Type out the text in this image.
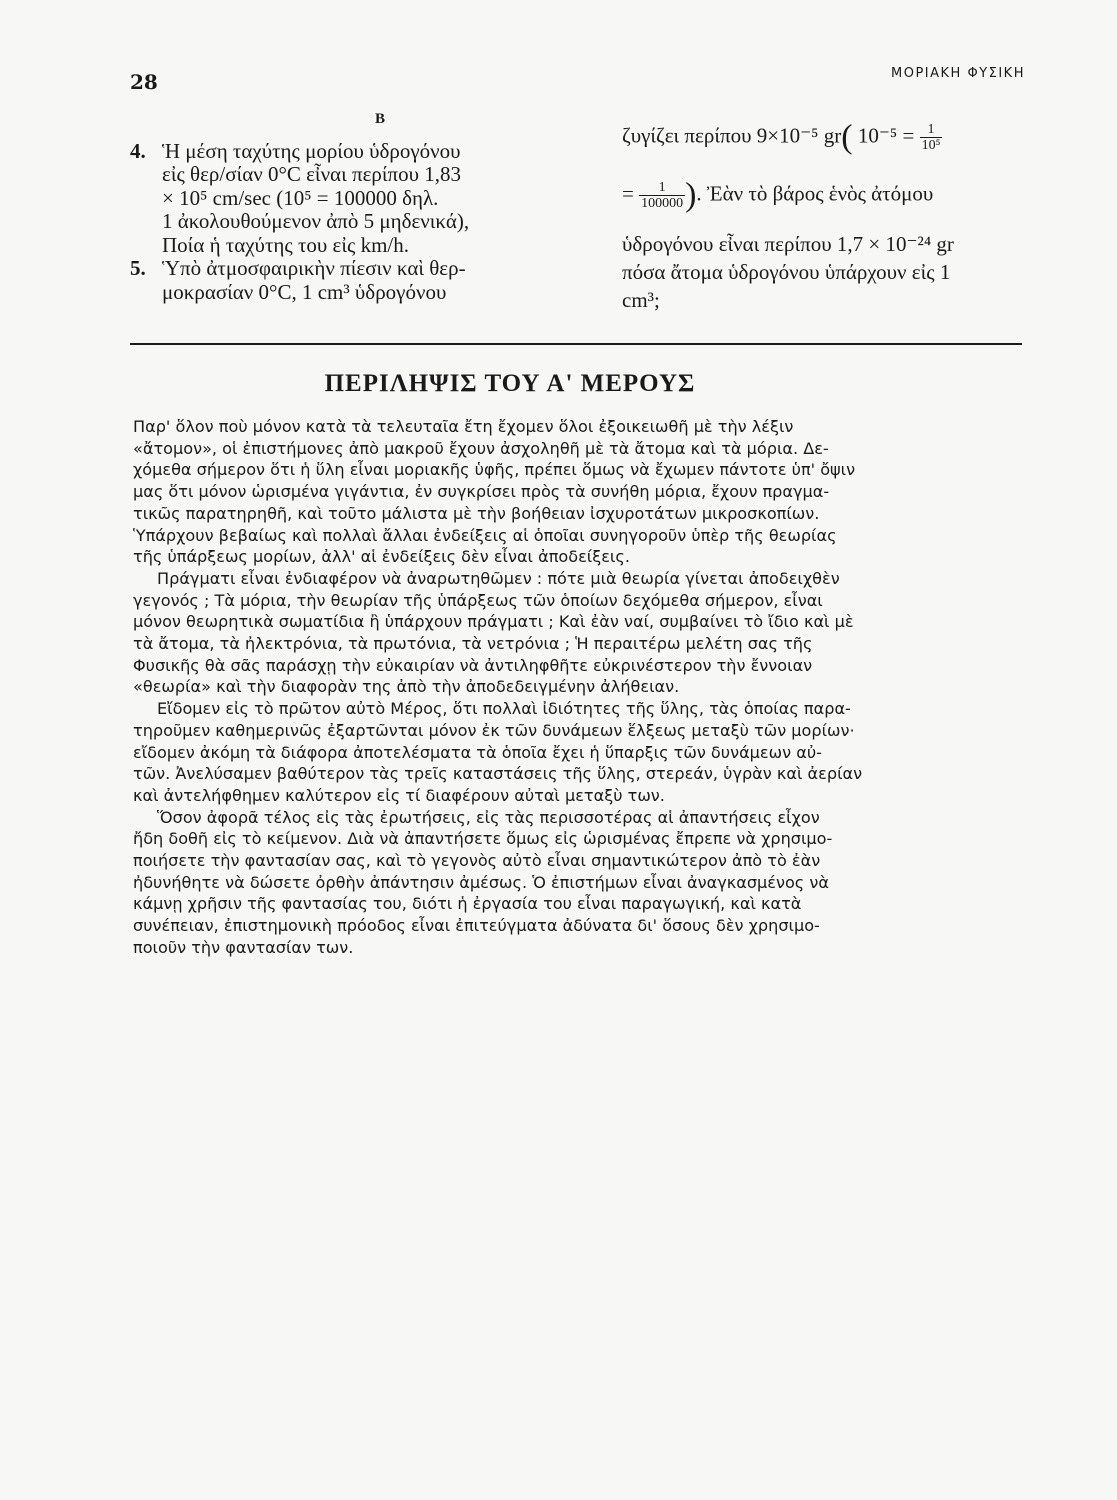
28	ΜΟΡΙΑΚΗ ΦΥΣΙΚΗ
Β
4. Ἡ μέση ταχύτης μορίου ὑδρογόνου
εἰς θερ/σίαν 0°C εἶναι περίπου 1,83
× 10⁵ cm/sec (10⁵ = 100000 δηλ.
1 ἀκολουθούμενον ἀπὸ 5 μηδενικά),
Ποία ἡ ταχύτης του εἰς km/h.
5. Ὑπὸ ἀτμοσφαιρικὴν πίεσιν καὶ θερ-
μοκρασίαν 0°C, 1 cm³ ὑδρογόνου
ζυγίζει περίπου 9×10⁻⁵ gr( $10^{-5} = \frac{1}{\text{10⁵}}$
= $\frac{1}{100000}$ ). Ἐὰν τὸ βάρος ἑνὸς ἀτόμου
ὑδρογόνου εἶναι περίπου 1,7 × 10⁻²⁴ gr
πόσα ἄτομα ὑδρογόνου ὑπάρχουν εἰς 1
cm³;
ΠΕΡΙΛΗΨΙΣ ΤΟΥ Α' ΜΕΡΟΥΣ
Παρ' ὅλον ποὺ μόνον κατὰ τὰ τελευταῖα ἔτη ἔχομεν ὅλοι ἐξοικειωθῆ μὲ τὴν λέξιν
«ἄτομον», οἱ ἐπιστήμονες ἀπὸ μακροῦ ἔχουν ἀσχοληθῆ μὲ τὰ ἄτομα καὶ τὰ μόρια. Δε-
χόμεθα σήμερον ὅτι ἡ ὕλη εἶναι μοριακῆς ὑφῆς, πρέπει ὅμως νὰ ἔχωμεν πάντοτε ὑπ' ὄψιν
μας ὅτι μόνον ὡρισμένα γιγάντια, ἐν συγκρίσει πρὸς τὰ συνήθη μόρια, ἔχουν πραγμα-
τικῶς παρατηρηθῆ, καὶ τοῦτο μάλιστα μὲ τὴν βοήθειαν ἰσχυροτάτων μικροσκοπίων.
Ὑπάρχουν βεβαίως καὶ πολλαὶ ἄλλαι ἐνδείξεις αἱ ὁποῖαι συνηγοροῦν ὑπὲρ τῆς θεωρίας
τῆς ὑπάρξεως μορίων, ἀλλ' αἱ ἐνδείξεις δὲν εἶναι ἀποδείξεις.
Πράγματι εἶναι ἐνδιαφέρον νὰ ἀναρωτηθῶμεν : πότε μιὰ θεωρία γίνεται ἀποδειχθὲν
γεγονός ; Τὰ μόρια, τὴν θεωρίαν τῆς ὑπάρξεως τῶν ὁποίων δεχόμεθα σήμερον, εἶναι
μόνον θεωρητικὰ σωματίδια ἢ ὑπάρχουν πράγματι ; Καὶ ἐὰν ναί, συμβαίνει τὸ ἴδιο καὶ μὲ
τὰ ἄτομα, τὰ ἠλεκτρόνια, τὰ πρωτόνια, τὰ νετρόνια ; Ἡ περαιτέρω μελέτη σας τῆς
Φυσικῆς θὰ σᾶς παράσχῃ τὴν εὐκαιρίαν νὰ ἀντιληφθῆτε εὐκρινέστερον τὴν ἔννοιαν
«θεωρία» καὶ τὴν διαφορὰν της ἀπὸ τὴν ἀποδεδειγμένην ἀλήθειαν.
Εἴδομεν εἰς τὸ πρῶτον αὐτὸ Μέρος, ὅτι πολλαὶ ἰδιότητες τῆς ὕλης, τὰς ὁποίας παρα-
τηροῦμεν καθημερινῶς ἐξαρτῶνται μόνον ἐκ τῶν δυνάμεων ἕλξεως μεταξὺ τῶν μορίων·
εἴδομεν ἀκόμη τὰ διάφορα ἀποτελέσματα τὰ ὁποῖα ἔχει ἡ ὕπαρξις τῶν δυνάμεων αὐ-
τῶν. Ἀνελύσαμεν βαθύτερον τὰς τρεῖς καταστάσεις τῆς ὕλης, στερεάν, ὑγρὰν καὶ ἀερίαν
καὶ ἀντελήφθημεν καλύτερον εἰς τί διαφέρουν αὐταὶ μεταξὺ των.
Ὅσον ἀφορᾶ τέλος εἰς τὰς ἐρωτήσεις, εἰς τὰς περισσοτέρας αἱ ἀπαντήσεις εἶχον
ἤδη δοθῆ εἰς τὸ κείμενον. Διὰ νὰ ἀπαντήσετε ὅμως εἰς ὡρισμένας ἔπρεπε νὰ χρησιμο-
ποιήσετε τὴν φαντασίαν σας, καὶ τὸ γεγονὸς αὐτὸ εἶναι σημαντικώτερον ἀπὸ τὸ ἐὰν
ἠδυνήθητε νὰ δώσετε ὀρθὴν ἀπάντησιν ἀμέσως. Ὁ ἐπιστήμων εἶναι ἀναγκασμένος νὰ
κάμνῃ χρῆσιν τῆς φαντασίας του, διότι ἡ ἐργασία του εἶναι παραγωγική, καὶ κατὰ
συνέπειαν, ἐπιστημονικὴ πρόοδος εἶναι ἐπιτεύγματα ἀδύνατα δι' ὅσους δὲν χρησιμο-
ποιοῦν τὴν φαντασίαν των.
